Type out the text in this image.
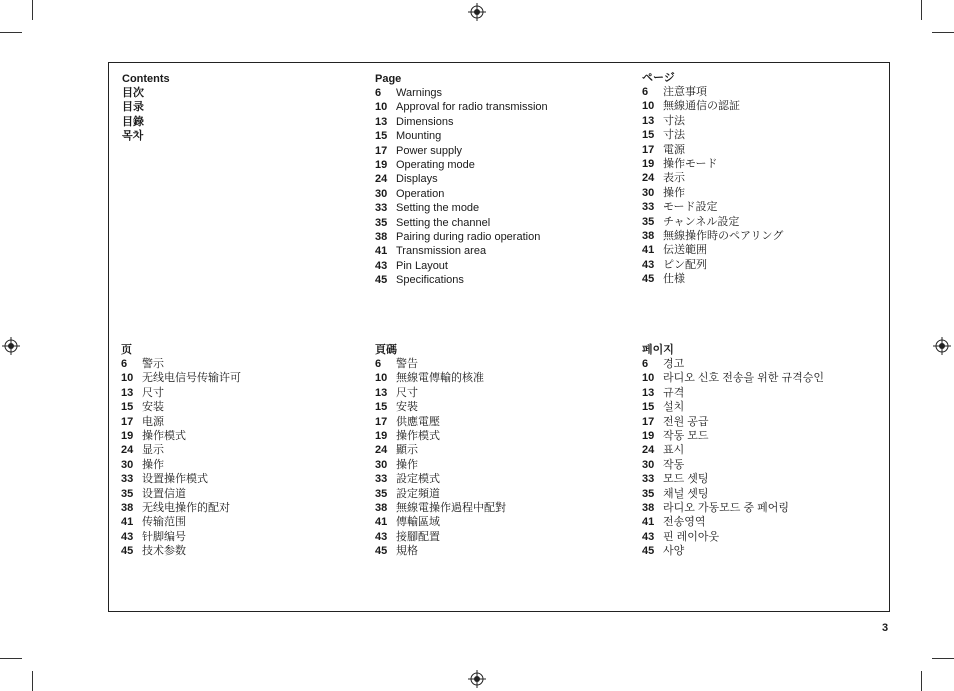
Contents
目次
目录
目錄
목차
Page
6	Warnings
10 Approval for radio transmission
13 Dimensions
15 Mounting
17 Power supply
19 Operating mode
24 Displays
30 Operation
33 Setting the mode
35 Setting the channel
38 Pairing during radio operation
41 Transmission area
43 Pin Layout
45 Specifications
ページ
6	注意事項
10 無線通信の認証
13 寸法
15 寸法
17 電源
19 操作モード
24 表示
30 操作
33 モード設定
35 チャンネル設定
38 無線操作時のペアリング
41 伝送範囲
43 ピン配列
45 仕様
页
6	警示
10 无线电信号传输许可
13 尺寸
15 安装
17 电源
19 操作模式
24 显示
30 操作
33 设置操作模式
35 设置信道
38 无线电操作的配对
41 传输范围
43 针脚编号
45 技术参数
頁碼
6	警告
10 無線電傳輸的核准
13 尺寸
15 安裝
17 供應電壓
19 操作模式
24 顯示
30 操作
33 設定模式
35 設定頻道
38 無線電操作過程中配對
41 傳輸區域
43 接腳配置
45 規格
페이지
6	경고
10 라디오 신호 전송을 위한 규격승인
13 규격
15 설치
17 전원 공급
19 작동 모드
24 표시
30 작동
33 모드 셋팅
35 채널 셋팅
38 라디오 가동모드 중 페어링
41 전송영역
43 핀 레이아웃
45 사양
3
